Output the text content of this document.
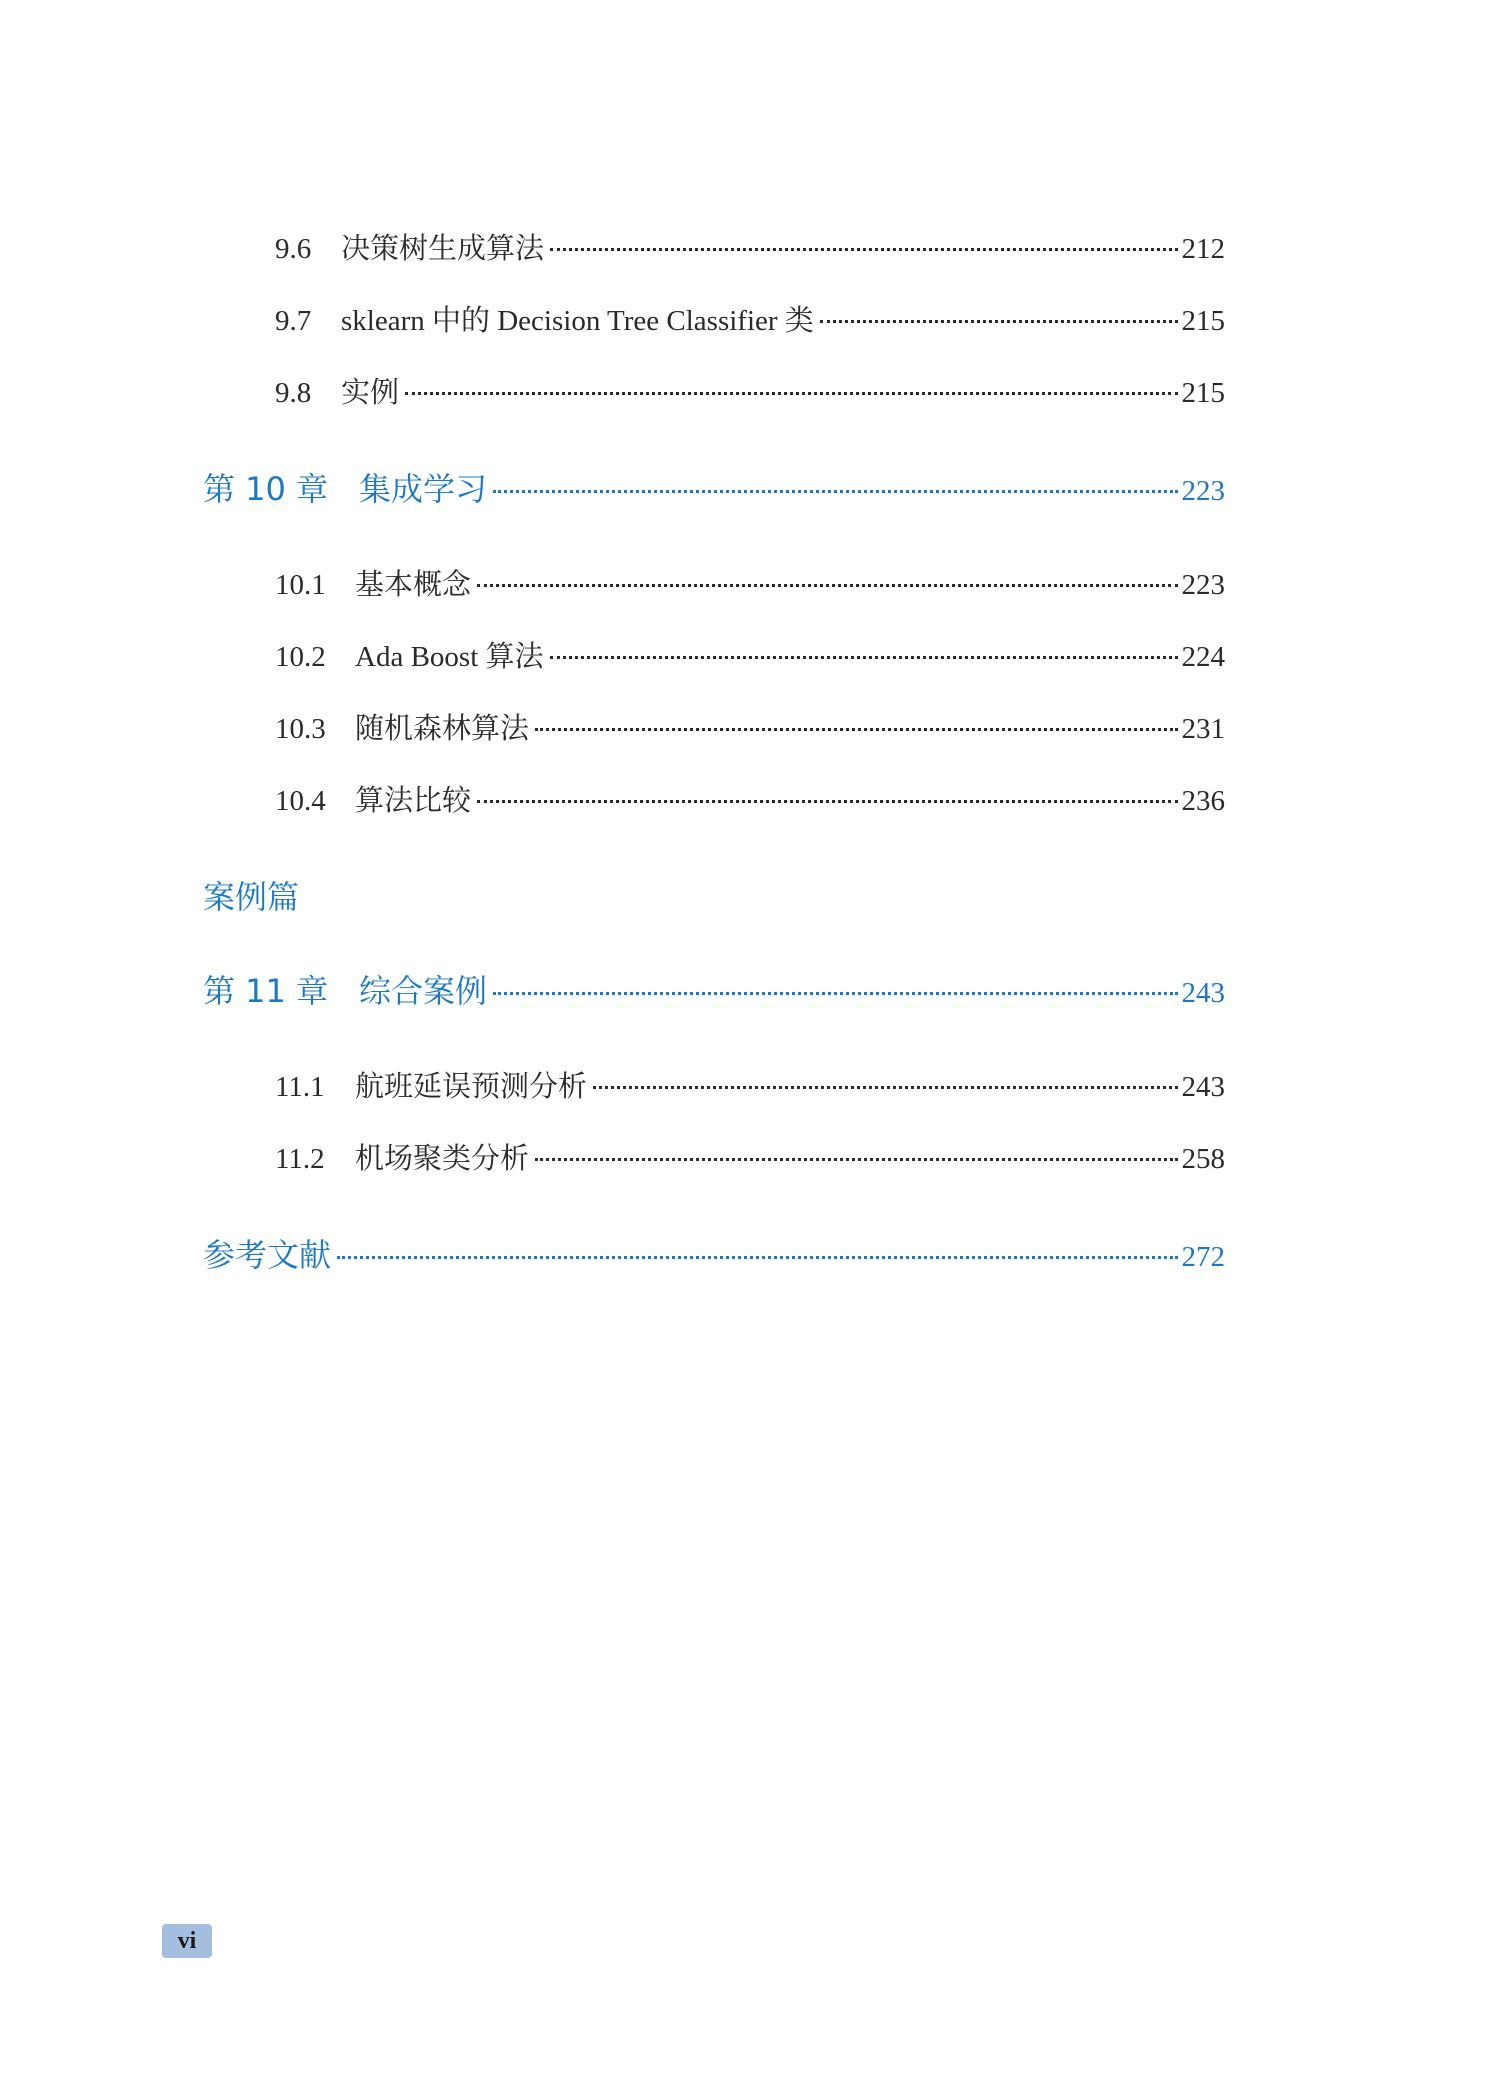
9.6	决策树生成算法	212
9.7	sklearn 中的 Decision Tree Classifier 类	215
9.8	实例	215
第 10 章 集成学习	223
10.1	基本概念	223
10.2	Ada Boost 算法	224
10.3	随机森林算法	231
10.4	算法比较	236
案例篇
第 11 章 综合案例	243
11.1	航班延误预测分析	243
11.2	机场聚类分析	258
参考文献	272
vi
